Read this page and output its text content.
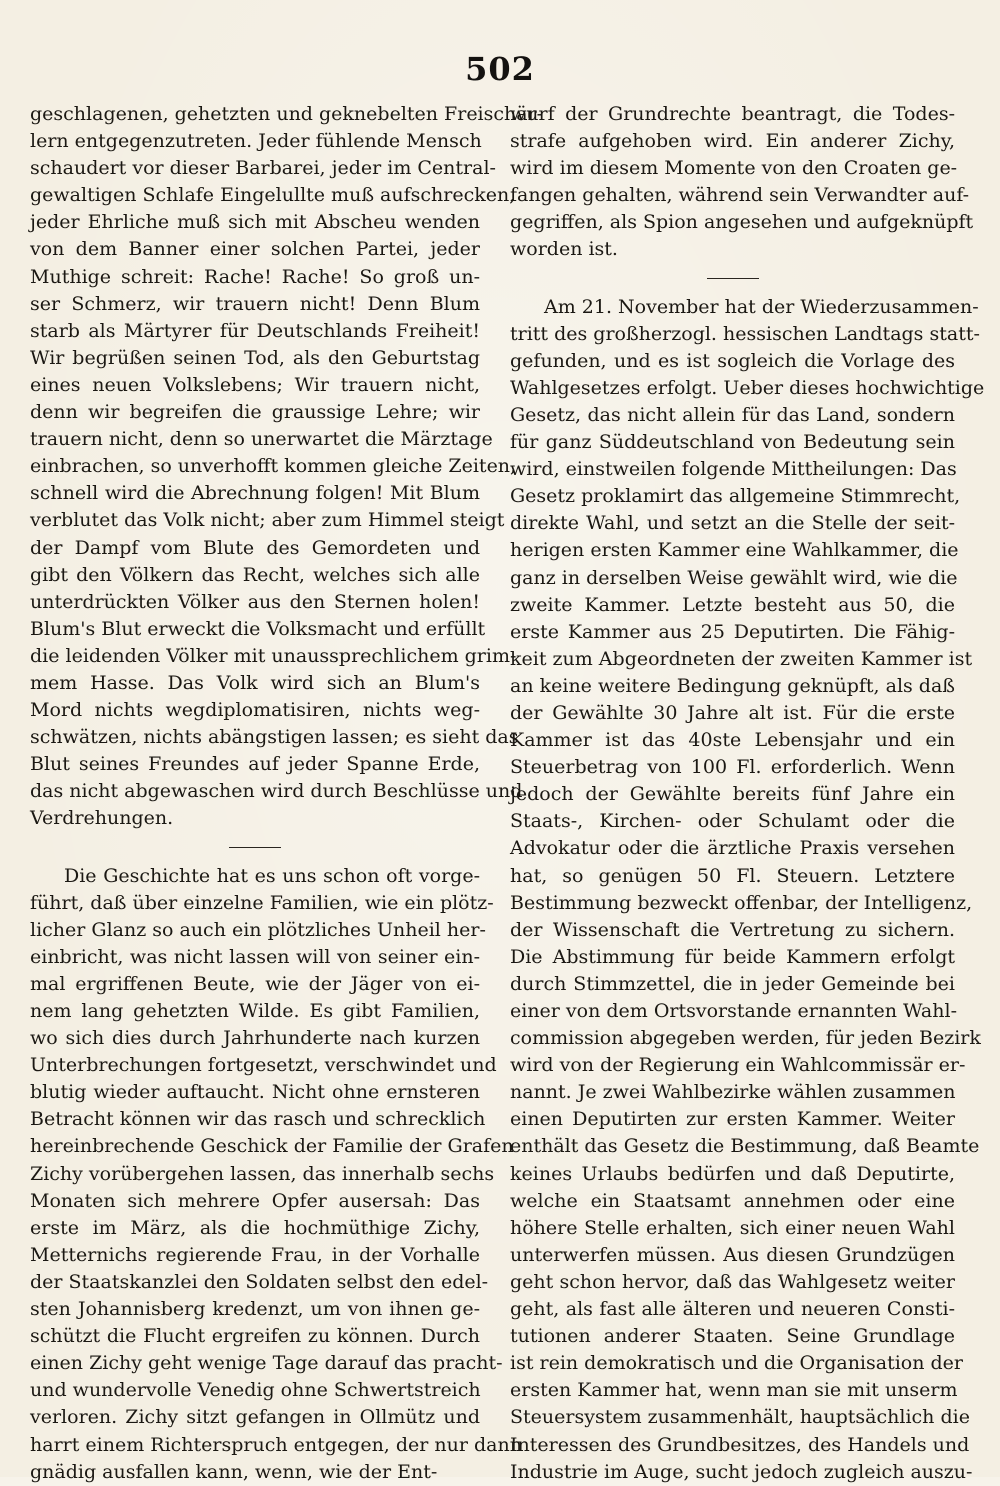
502
geschlagenen, gehetzten und geknebelten Freischär-
lern entgegenzutreten. Jeder fühlende Mensch
schaudert vor dieser Barbarei, jeder im Central-
gewaltigen Schlafe Eingelullte muß aufschrecken,
jeder Ehrliche muß sich mit Abscheu wenden
von dem Banner einer solchen Partei, jeder
Muthige schreit: Rache! Rache! So groß un-
ser Schmerz, wir trauern nicht! Denn Blum
starb als Märtyrer für Deutschlands Freiheit!
Wir begrüßen seinen Tod, als den Geburtstag
eines neuen Volkslebens; Wir trauern nicht,
denn wir begreifen die graussige Lehre; wir
trauern nicht, denn so unerwartet die Märztage
einbrachen, so unverhofft kommen gleiche Zeiten,
schnell wird die Abrechnung folgen! Mit Blum
verblutet das Volk nicht; aber zum Himmel steigt
der Dampf vom Blute des Gemordeten und
gibt den Völkern das Recht, welches sich alle
unterdrückten Völker aus den Sternen holen!
Blum's Blut erweckt die Volksmacht und erfüllt
die leidenden Völker mit unaussprechlichem grim-
mem Hasse. Das Volk wird sich an Blum's
Mord nichts wegdiplomatisiren, nichts weg-
schwätzen, nichts abängstigen lassen; es sieht das
Blut seines Freundes auf jeder Spanne Erde,
das nicht abgewaschen wird durch Beschlüsse und
Verdrehungen.
Die Geschichte hat es uns schon oft vorge-
führt, daß über einzelne Familien, wie ein plötz-
licher Glanz so auch ein plötzliches Unheil her-
einbricht, was nicht lassen will von seiner ein-
mal ergriffenen Beute, wie der Jäger von ei-
nem lang gehetzten Wilde. Es gibt Familien,
wo sich dies durch Jahrhunderte nach kurzen
Unterbrechungen fortgesetzt, verschwindet und
blutig wieder auftaucht. Nicht ohne ernsteren
Betracht können wir das rasch und schrecklich
hereinbrechende Geschick der Familie der Grafen
Zichy vorübergehen lassen, das innerhalb sechs
Monaten sich mehrere Opfer ausersah: Das
erste im März, als die hochmüthige Zichy,
Metternichs regierende Frau, in der Vorhalle
der Staatskanzlei den Soldaten selbst den edel-
sten Johannisberg kredenzt, um von ihnen ge-
schützt die Flucht ergreifen zu können. Durch
einen Zichy geht wenige Tage darauf das pracht-
und wundervolle Venedig ohne Schwertstreich
verloren. Zichy sitzt gefangen in Ollmütz und
harrt einem Richterspruch entgegen, der nur dann
gnädig ausfallen kann, wenn, wie der Ent-
wurf der Grundrechte beantragt, die Todes-
strafe aufgehoben wird. Ein anderer Zichy,
wird im diesem Momente von den Croaten ge-
fangen gehalten, während sein Verwandter auf-
gegriffen, als Spion angesehen und aufgeknüpft
worden ist.
Am 21. November hat der Wiederzusammen-
tritt des großherzogl. hessischen Landtags statt-
gefunden, und es ist sogleich die Vorlage des
Wahlgesetzes erfolgt. Ueber dieses hochwichtige
Gesetz, das nicht allein für das Land, sondern
für ganz Süddeutschland von Bedeutung sein
wird, einstweilen folgende Mittheilungen: Das
Gesetz proklamirt das allgemeine Stimmrecht,
direkte Wahl, und setzt an die Stelle der seit-
herigen ersten Kammer eine Wahlkammer, die
ganz in derselben Weise gewählt wird, wie die
zweite Kammer. Letzte besteht aus 50, die
erste Kammer aus 25 Deputirten. Die Fähig-
keit zum Abgeordneten der zweiten Kammer ist
an keine weitere Bedingung geknüpft, als daß
der Gewählte 30 Jahre alt ist. Für die erste
Kammer ist das 40ste Lebensjahr und ein
Steuerbetrag von 100 Fl. erforderlich. Wenn
jedoch der Gewählte bereits fünf Jahre ein
Staats-, Kirchen- oder Schulamt oder die
Advokatur oder die ärztliche Praxis versehen
hat, so genügen 50 Fl. Steuern. Letztere
Bestimmung bezweckt offenbar, der Intelligenz,
der Wissenschaft die Vertretung zu sichern.
Die Abstimmung für beide Kammern erfolgt
durch Stimmzettel, die in jeder Gemeinde bei
einer von dem Ortsvorstande ernannten Wahl-
commission abgegeben werden, für jeden Bezirk
wird von der Regierung ein Wahlcommissär er-
nannt. Je zwei Wahlbezirke wählen zusammen
einen Deputirten zur ersten Kammer. Weiter
enthält das Gesetz die Bestimmung, daß Beamte
keines Urlaubs bedürfen und daß Deputirte,
welche ein Staatsamt annehmen oder eine
höhere Stelle erhalten, sich einer neuen Wahl
unterwerfen müssen. Aus diesen Grundzügen
geht schon hervor, daß das Wahlgesetz weiter
geht, als fast alle älteren und neueren Consti-
tutionen anderer Staaten. Seine Grundlage
ist rein demokratisch und die Organisation der
ersten Kammer hat, wenn man sie mit unserm
Steuersystem zusammenhält, hauptsächlich die
Interessen des Grundbesitzes, des Handels und
Industrie im Auge, sucht jedoch zugleich auszu-
